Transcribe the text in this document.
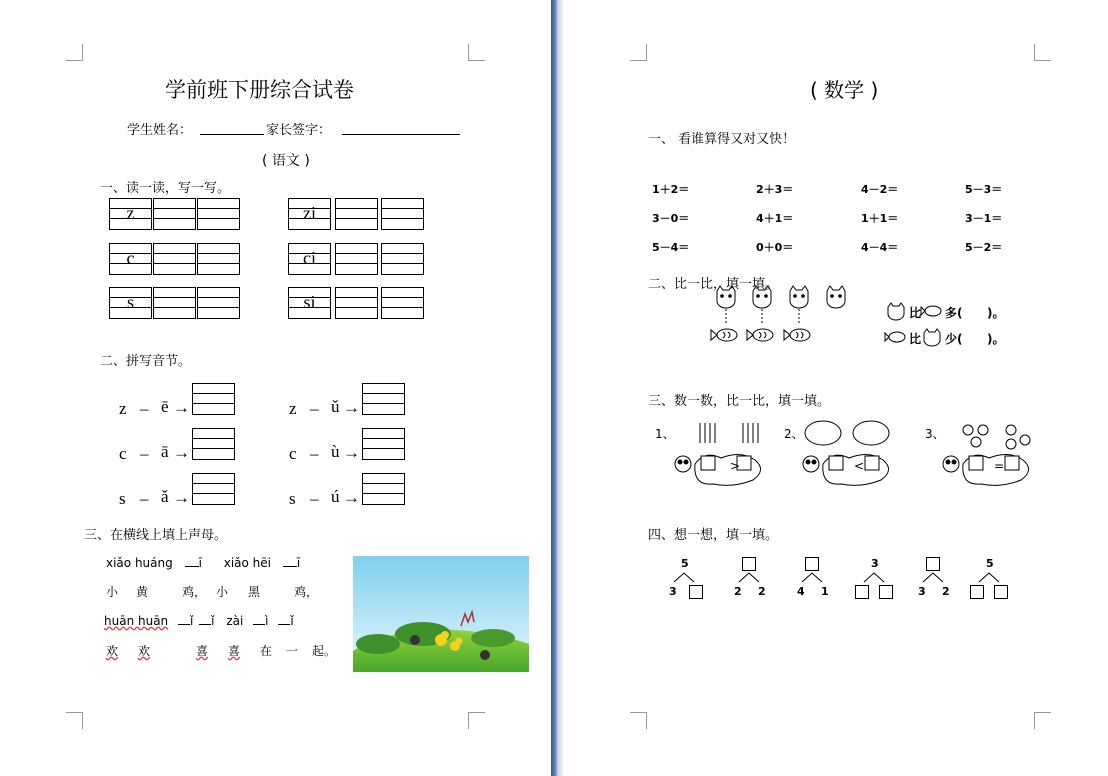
学前班下册综合试卷
学生姓名：	家长签字：
( 语文 )
一、读一读，写一写。
z	zi
c	ci
s	si
二、拼写音节。
z – ē →	z – ǔ →
c – ā →	c – ù →
s – ǎ →	s – ú →
三、在横线上填上声母。
xiǎo huáng ī xiǎo hēi ī
小 黄	鸡， 小 黑	鸡，
huān huān ǐ ǐ zài ì ǐ
欢 欢	喜 喜 在 一 起。
( 数学 )
一、 看谁算得又对又快！
1＋2＝	2＋3＝	4－2＝	5－3＝
3－0＝	4＋1＝	1＋1＝	3－1＝
5－4＝	0＋0＝	4－4＝	5－2＝
二、比一比，填一填。
比 多( )。
比 少( )。
三、数一数，比一比，填一填。
1、
>
2、
<
3、
=
四、想一想，填一填。
5
3	2 2	4 1
3
3 2
5
